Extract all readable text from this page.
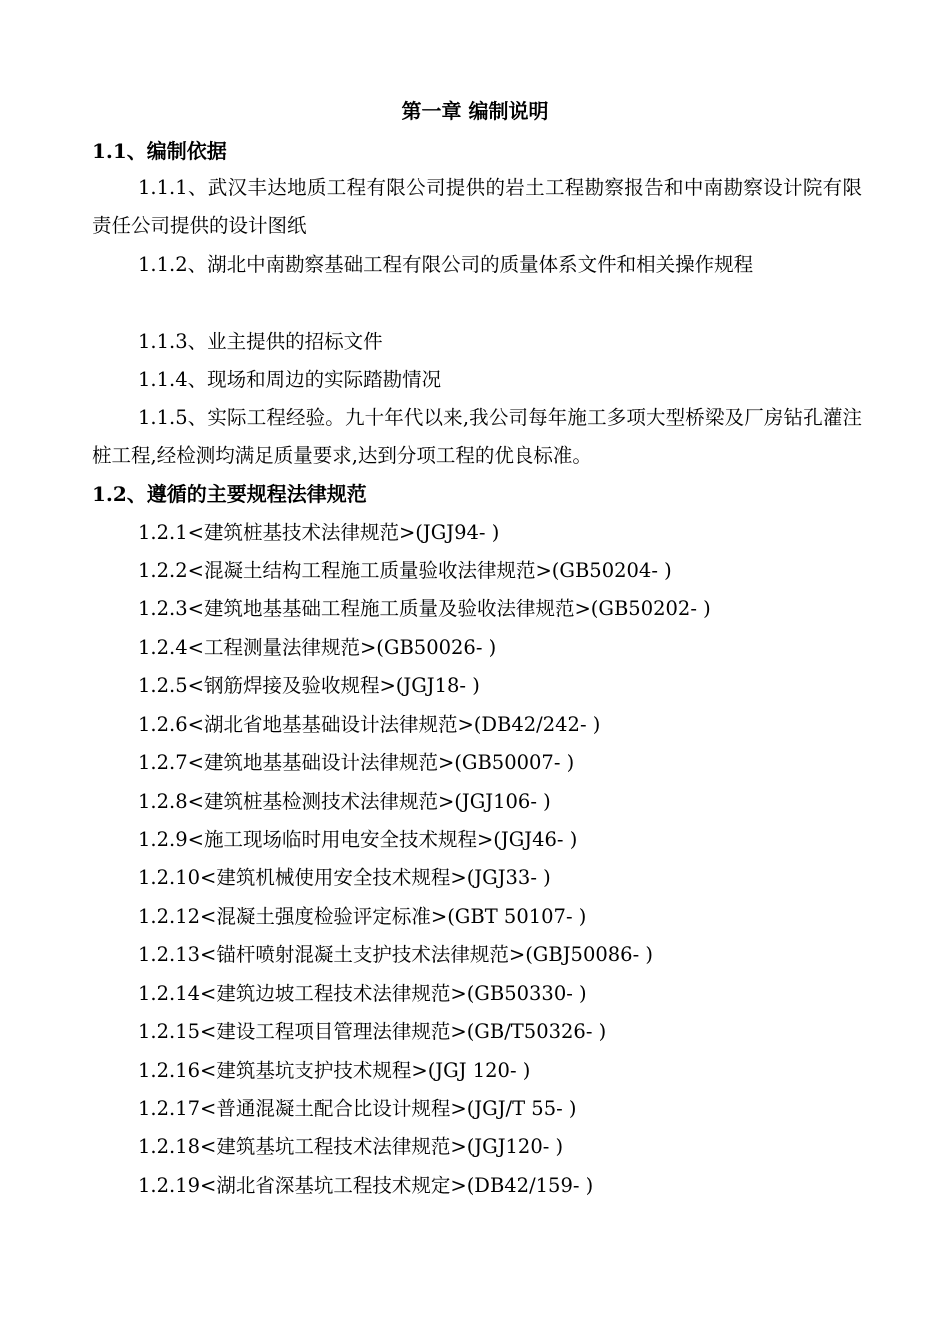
第一章 编制说明
1.1、编制依据

1.1.1、武汉丰达地质工程有限公司提供的岩土工程勘察报告和中南勘察设计院有限责任公司提供的设计图纸

1.1.2、湖北中南勘察基础工程有限公司的质量体系文件和相关操作规程

1.1.3、业主提供的招标文件

1.1.4、现场和周边的实际踏勘情况

1.1.5、实际工程经验。九十年代以来,我公司每年施工多项大型桥梁及厂房钻孔灌注桩工程,经检测均满足质量要求,达到分项工程的优良标准。

1.2、遵循的主要规程法律规范

1.2.1<建筑桩基技术法律规范>(JGJ94- )

1.2.2<混凝土结构工程施工质量验收法律规范>(GB50204- )

1.2.3<建筑地基基础工程施工质量及验收法律规范>(GB50202- )

1.2.4<工程测量法律规范>(GB50026- )

1.2.5<钢筋焊接及验收规程>(JGJ18- )

1.2.6<湖北省地基基础设计法律规范>(DB42/242- )

1.2.7<建筑地基基础设计法律规范>(GB50007- )

1.2.8<建筑桩基检测技术法律规范>(JGJ106- )

1.2.9<施工现场临时用电安全技术规程>(JGJ46- )

1.2.10<建筑机械使用安全技术规程>(JGJ33- )

1.2.12<混凝土强度检验评定标准>(GBT 50107- )

1.2.13<锚杆喷射混凝土支护技术法律规范>(GBJ50086- )

1.2.14<建筑边坡工程技术法律规范>(GB50330- )

1.2.15<建设工程项目管理法律规范>(GB/T50326- )

1.2.16<建筑基坑支护技术规程>(JGJ 120- )

1.2.17<普通混凝土配合比设计规程>(JGJ/T 55- )

1.2.18<建筑基坑工程技术法律规范>(JGJ120- )

1.2.19<湖北省深基坑工程技术规定>(DB42/159- )
